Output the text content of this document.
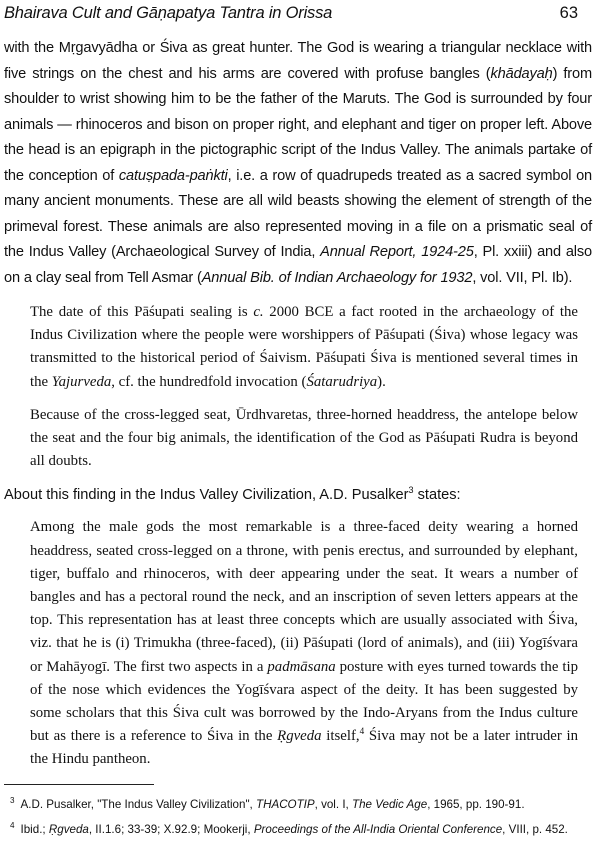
Bhairava Cult and Gāṇapatya Tantra in Orissa	63

with the Mṛgavyādha or Śiva as great hunter. The God is wearing a triangular necklace with five strings on the chest and his arms are covered with profuse bangles (khādayaḥ) from shoulder to wrist showing him to be the father of the Maruts. The God is surrounded by four animals — rhinoceros and bison on proper right, and elephant and tiger on proper left. Above the head is an epigraph in the pictographic script of the Indus Valley. The animals partake of the conception of catuṣpada-paṅkti, i.e. a row of quadrupeds treated as a sacred symbol on many ancient monuments. These are all wild beasts showing the element of strength of the primeval forest. These animals are also represented moving in a file on a prismatic seal of the Indus Valley (Archaeological Survey of India, Annual Report, 1924-25, Pl. xxiii) and also on a clay seal from Tell Asmar (Annual Bib. of Indian Archaeology for 1932, vol. VII, Pl. Ib).

The date of this Pāśupati sealing is c. 2000 BCE a fact rooted in the archaeology of the Indus Civilization where the people were worshippers of Pāśupati (Śiva) whose legacy was transmitted to the historical period of Śaivism. Pāśupati Śiva is mentioned several times in the Yajurveda, cf. the hundredfold invocation (Śatarudriya).

Because of the cross-legged seat, Ūrdhvaretas, three-horned headdress, the antelope below the seat and the four big animals, the identification of the God as Pāśupati Rudra is beyond all doubts.

About this finding in the Indus Valley Civilization, A.D. Pusalker$^3$ states:

Among the male gods the most remarkable is a three-faced deity wearing a horned headdress, seated cross-legged on a throne, with penis erectus, and surrounded by elephant, tiger, buffalo and rhinoceros, with deer appearing under the seat. It wears a number of bangles and has a pectoral round the neck, and an inscription of seven letters appears at the top. This representation has at least three concepts which are usually associated with Śiva, viz. that he is (i) Trimukha (three-faced), (ii) Pāśupati (lord of animals), and (iii) Yogīśvara or Mahāyogī. The first two aspects in a padmāsana posture with eyes turned towards the tip of the nose which evidences the Yogīśvara aspect of the deity. It has been suggested by some scholars that this Śiva cult was borrowed by the Indo-Aryans from the Indus culture but as there is a reference to Śiva in the Ṛgveda itself,$^4$ Śiva may not be a later intruder in the Hindu pantheon.

$^3$ A.D. Pusalker, "The Indus Valley Civilization", THACOTIP, vol. I, The Vedic Age, 1965, pp. 190-91.

$^4$ Ibid.; Ṛgveda, II.1.6; 33-39; X.92.9; Mookerji, Proceedings of the All-India Oriental Conference, VIII, p. 452.
